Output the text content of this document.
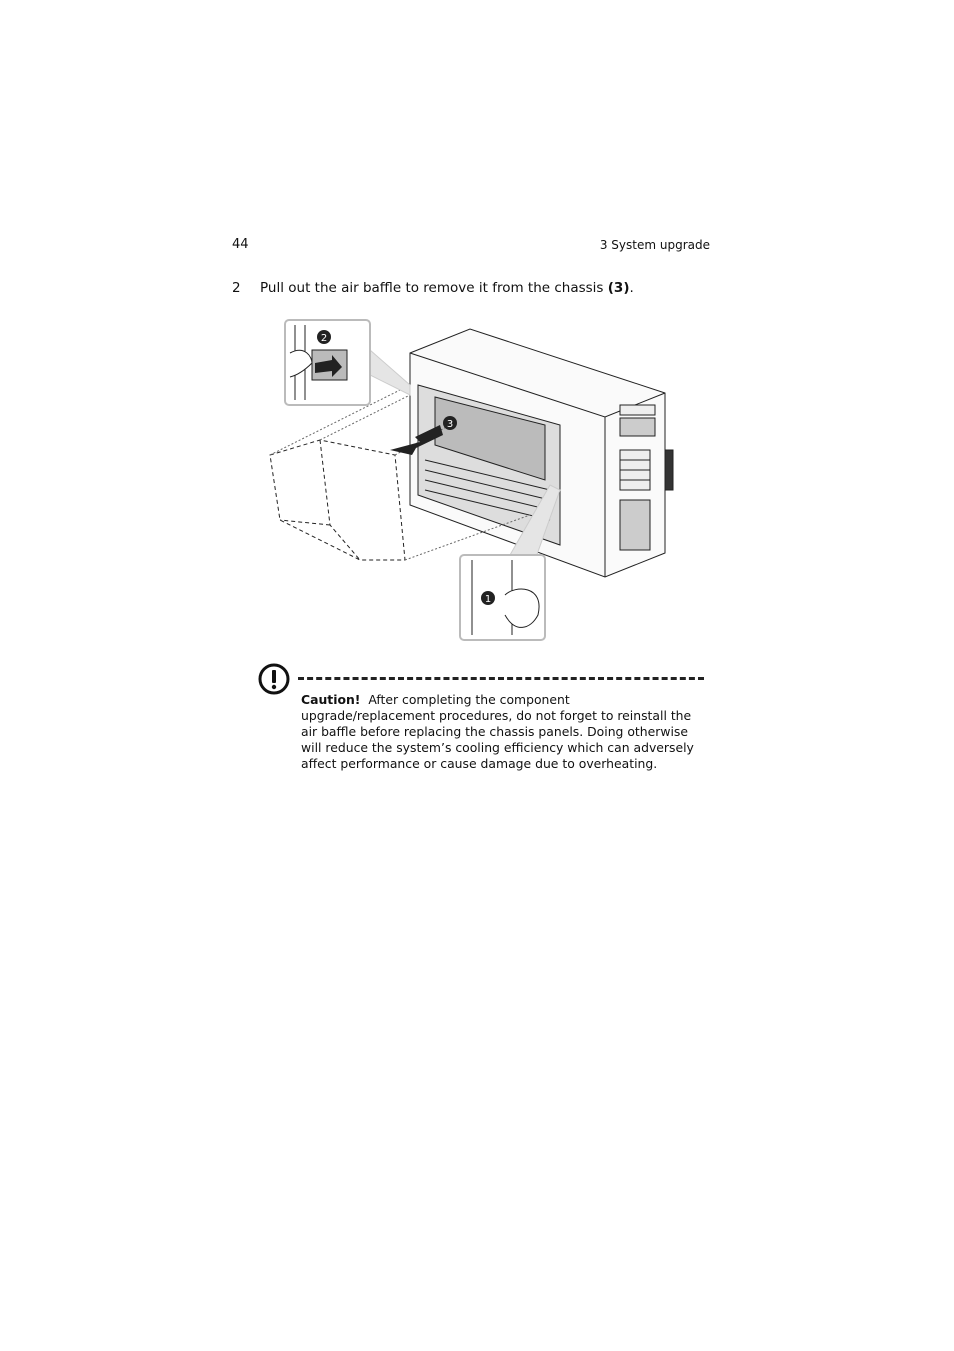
44	3 System upgrade
2 Pull out the air baffle to remove it from the chassis (3).
2
3
1
Caution! After completing the component upgrade/replacement procedures, do not forget to reinstall the air baffle before replacing the chassis panels. Doing otherwise will reduce the system’s cooling efficiency which can adversely affect performance or cause damage due to overheating.
